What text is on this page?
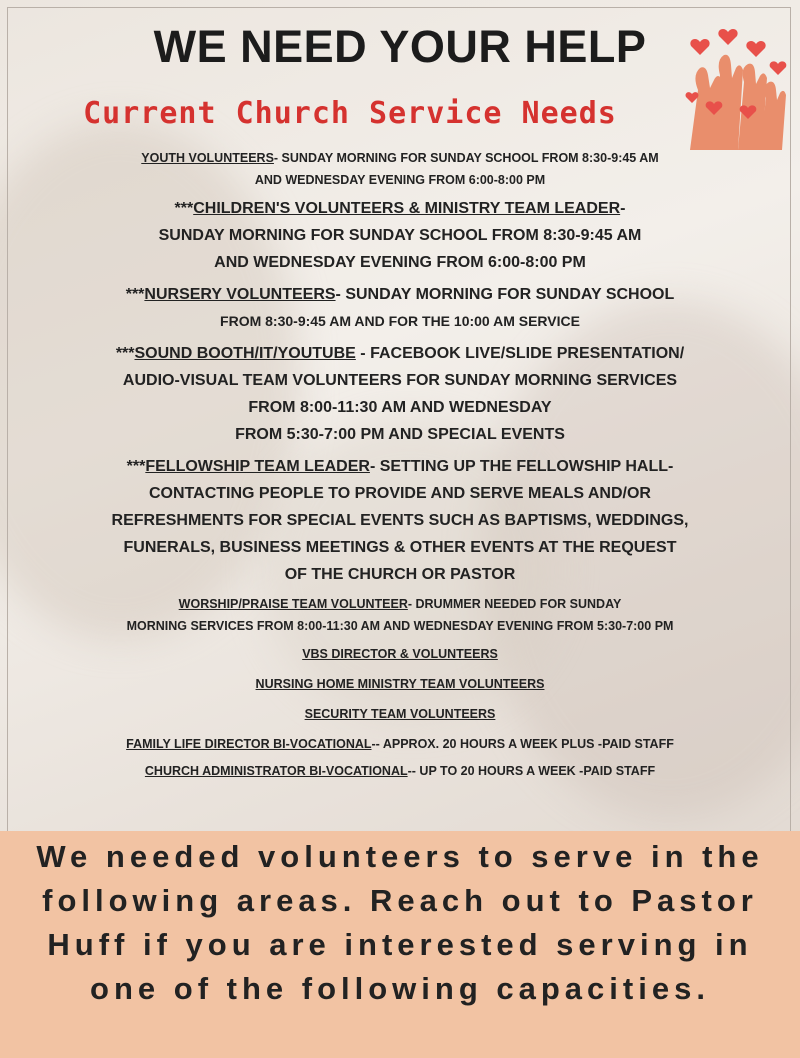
WE NEED YOUR HELP
Current Church Service Needs

YOUTH VOLUNTEERS- SUNDAY MORNING FOR SUNDAY SCHOOL FROM 8:30-9:45 AM
AND WEDNESDAY EVENING FROM 6:00-8:00 PM

***CHILDREN'S VOLUNTEERS & MINISTRY TEAM LEADER-
SUNDAY MORNING FOR SUNDAY SCHOOL FROM 8:30-9:45 AM
AND WEDNESDAY EVENING FROM 6:00-8:00 PM

***NURSERY VOLUNTEERS- SUNDAY MORNING FOR SUNDAY SCHOOL
FROM 8:30-9:45 AM AND FOR THE 10:00 AM SERVICE

***SOUND BOOTH/IT/YOUTUBE - FACEBOOK LIVE/SLIDE PRESENTATION/
AUDIO-VISUAL TEAM VOLUNTEERS FOR SUNDAY MORNING SERVICES
FROM 8:00-11:30 AM AND WEDNESDAY
FROM 5:30-7:00 PM AND SPECIAL EVENTS

***FELLOWSHIP TEAM LEADER- SETTING UP THE FELLOWSHIP HALL-
CONTACTING PEOPLE TO PROVIDE AND SERVE MEALS AND/OR
REFRESHMENTS FOR SPECIAL EVENTS SUCH AS BAPTISMS, WEDDINGS,
FUNERALS, BUSINESS MEETINGS & OTHER EVENTS AT THE REQUEST
OF THE CHURCH OR PASTOR

WORSHIP/PRAISE TEAM VOLUNTEER- DRUMMER NEEDED FOR SUNDAY
MORNING SERVICES FROM 8:00-11:30 AM AND WEDNESDAY EVENING FROM 5:30-7:00 PM

VBS DIRECTOR & VOLUNTEERS

NURSING HOME MINISTRY TEAM VOLUNTEERS

SECURITY TEAM VOLUNTEERS

FAMILY LIFE DIRECTOR BI-VOCATIONAL-- APPROX. 20 HOURS A WEEK PLUS -PAID STAFF

CHURCH ADMINISTRATOR BI-VOCATIONAL-- UP TO 20 HOURS A WEEK -PAID STAFF

We needed volunteers to serve in the following areas. Reach out to Pastor Huff if you are interested serving in one of the following capacities.
